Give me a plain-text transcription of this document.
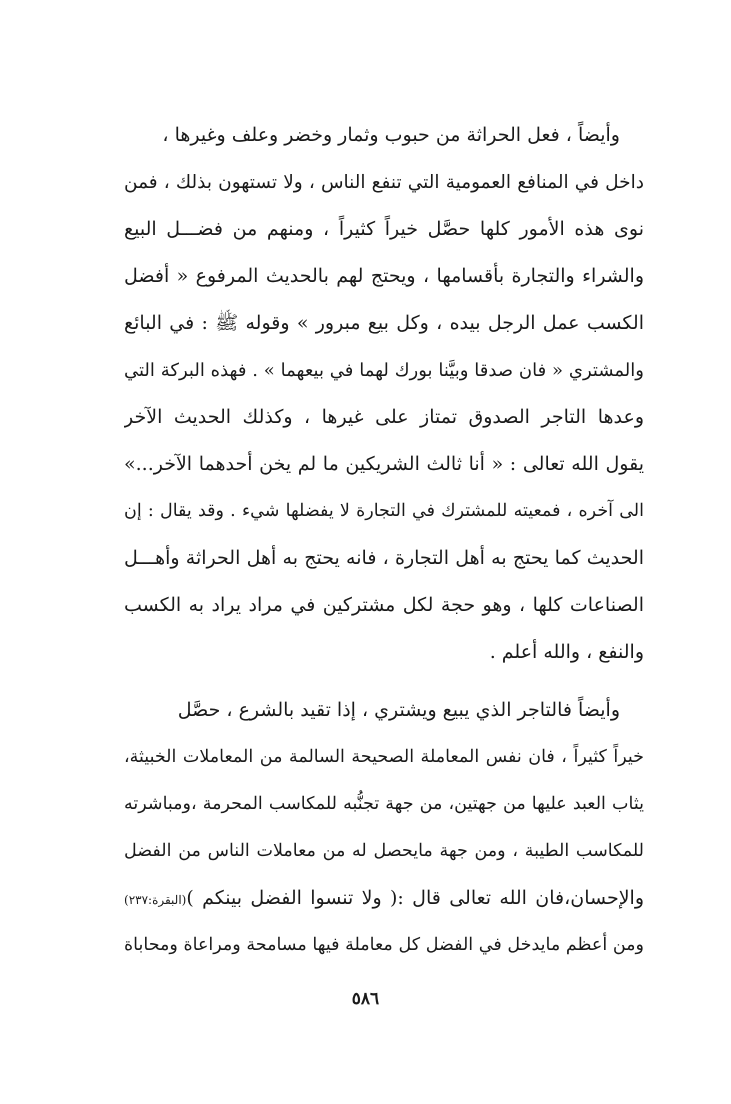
وأيضاً ، فعل الحراثة من حبوب وثمار وخضر وعلف وغيرها ،
داخل في المنافع العمومية التي تنفع الناس ، ولا تستهون بذلك ، فمن
نوى هذه الأمور كلها حصَّل خيراً كثيراً ، ومنهم من فضـــل البيع
والشراء والتجارة بأقسامها ، ويحتج لهم بالحديث المرفوع « أفضل
الكسب عمل الرجل بيده ، وكل بيع مبرور » وقوله ﷺ : في البائع
والمشتري « فان صدقا وبيَّنا بورك لهما في بيعهما » . فهذه البركة التي
وعدها التاجر الصدوق تمتاز على غيرها ، وكذلك الحديث الآخر
يقول الله تعالى : « أنا ثالث الشريكين ما لم يخن أحدهما الآخر...»
الى آخره ، فمعيته للمشترك في التجارة لا يفضلها شيء . وقد يقال : إن
الحديث كما يحتج به أهل التجارة ، فانه يحتج به أهل الحراثة وأهـــل
الصناعات كلها ، وهو حجة لكل مشتركين في مراد يراد به الكسب
والنفع ، والله أعلم .
وأيضاً فالتاجر الذي يبيع ويشتري ، إذا تقيد بالشرع ، حصَّل
خيراً كثيراً ، فان نفس المعاملة الصحيحة السالمة من المعاملات الخبيثة،
يثاب العبد عليها من جهتين، من جهة تجنُّبه للمكاسب المحرمة ،ومباشرته
للمكاسب الطيبة ، ومن جهة مايحصل له من معاملات الناس من الفضل
والإحسان،فان الله تعالى قال :( ولا تنسوا الفضل بينكم )(البقرة:٢٣٧)
ومن أعظم مايدخل في الفضل كل معاملة فيها مسامحة ومراعاة ومحاباة
٥٨٦
